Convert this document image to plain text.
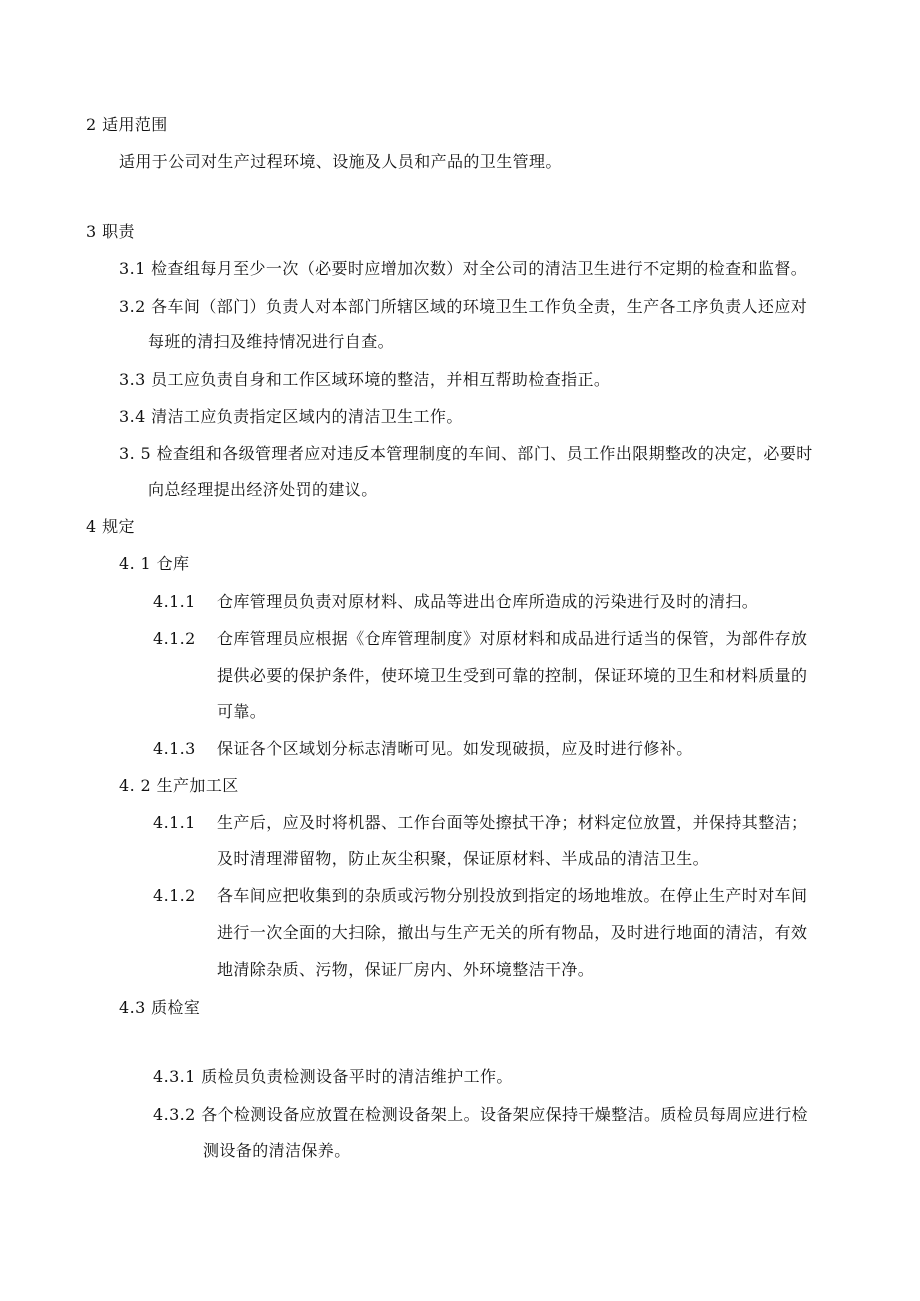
2 适用范围
适用于公司对生产过程环境、设施及人员和产品的卫生管理。
3 职责
3.1 检查组每月至少一次（必要时应增加次数）对全公司的清洁卫生进行不定期的检查和监督。
3.2 各车间（部门）负责人对本部门所辖区域的环境卫生工作负全责，生产各工序负责人还应对
每班的清扫及维持情况进行自查。
3.3 员工应负责自身和工作区域环境的整洁，并相互帮助检查指正。
3.4 清洁工应负责指定区域内的清洁卫生工作。
3. 5 检查组和各级管理者应对违反本管理制度的车间、部门、员工作出限期整改的决定，必要时
向总经理提出经济处罚的建议。
4 规定
4. 1 仓库
4.1.1 仓库管理员负责对原材料、成品等进出仓库所造成的污染进行及时的清扫。
4.1.2 仓库管理员应根据《仓库管理制度》对原材料和成品进行适当的保管，为部件存放
提供必要的保护条件，使环境卫生受到可靠的控制，保证环境的卫生和材料质量的
可靠。
4.1.3 保证各个区域划分标志清晰可见。如发现破损，应及时进行修补。
4. 2 生产加工区
4.1.1 生产后，应及时将机器、工作台面等处擦拭干净；材料定位放置，并保持其整洁；
及时清理滞留物，防止灰尘积聚，保证原材料、半成品的清洁卫生。
4.1.2 各车间应把收集到的杂质或污物分别投放到指定的场地堆放。在停止生产时对车间
进行一次全面的大扫除，撤出与生产无关的所有物品，及时进行地面的清洁，有效
地清除杂质、污物，保证厂房内、外环境整洁干净。
4.3 质检室
4.3.1 质检员负责检测设备平时的清洁维护工作。
4.3.2 各个检测设备应放置在检测设备架上。设备架应保持干燥整洁。质检员每周应进行检
测设备的清洁保养。
